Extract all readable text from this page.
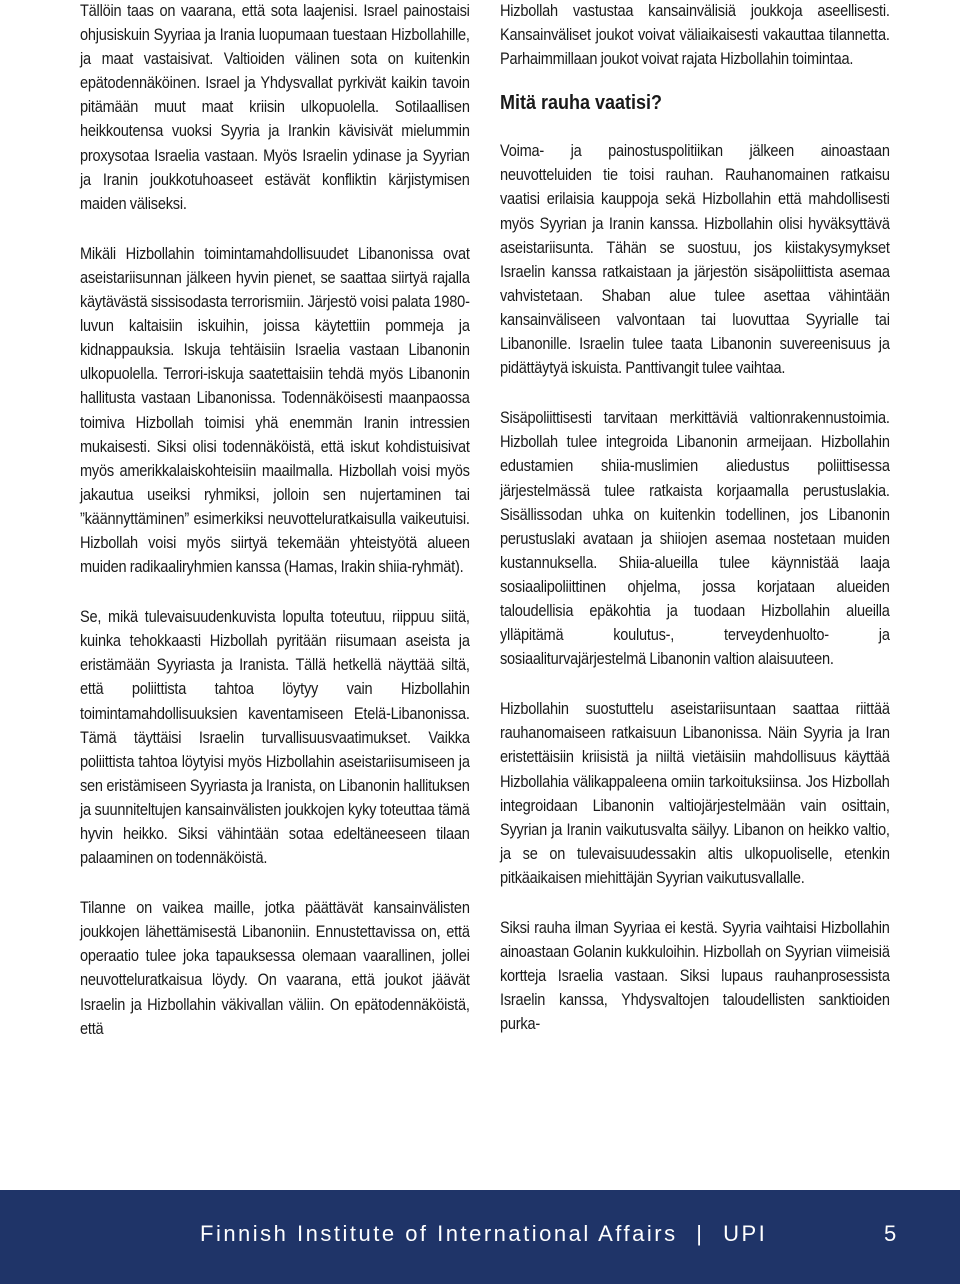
Tällöin taas on vaarana, että sota laajenisi. Israel painostaisi ohjusiskuin Syyriaa ja Irania luopumaan tuestaan Hizbollahille, ja maat vastaisivat. Valtioiden välinen sota on kuitenkin epätodennäköinen. Israel ja Yhdysvallat pyrkivät kaikin tavoin pitämään muut maat kriisin ulkopuolella. Sotilaallisen heikkoutensa vuoksi Syyria ja Irankin kävisivät mielummin proxysotaa Israelia vastaan. Myös Israelin ydinase ja Syyrian ja Iranin joukkotuhoaseet estävät konfliktin kärjistymisen maiden väliseksi.

Mikäli Hizbollahin toimintamahdollisuudet Libanonissa ovat aseistariisunnan jälkeen hyvin pienet, se saattaa siirtyä rajalla käytävästä sissisodasta terrorismiin. Järjestö voisi palata 1980-luvun kaltaisiin iskuihin, joissa käytettiin pommeja ja kidnappauksia. Iskuja tehtäisiin Israelia vastaan Libanonin ulkopuolella. Terrori-iskuja saatettaisiin tehdä myös Libanonin hallitusta vastaan Libanonissa. Todennäköisesti maanpaossa toimiva Hizbollah toimisi yhä enemmän Iranin intressien mukaisesti. Siksi olisi todennäköistä, että iskut kohdistuisivat myös amerikkalaiskohteisiin maailmalla. Hizbollah voisi myös jakautua useiksi ryhmiksi, jolloin sen nujertaminen tai ”käännyttäminen” esimerkiksi neuvotteluratkaisulla vaikeutuisi. Hizbollah voisi myös siirtyä tekemään yhteistyötä alueen muiden radikaaliryhmien kanssa (Hamas, Irakin shiia-ryhmät).

Se, mikä tulevaisuudenkuvista lopulta toteutuu, riippuu siitä, kuinka tehokkaasti Hizbollah pyritään riisumaan aseista ja eristämään Syyriasta ja Iranista. Tällä hetkellä näyttää siltä, että poliittista tahtoa löytyy vain Hizbollahin toimintamahdollisuuksien kaventamiseen Etelä-Libanonissa. Tämä täyttäisi Israelin turvallisuusvaatimukset. Vaikka poliittista tahtoa löytyisi myös Hizbollahin aseistariisumiseen ja sen eristämiseen Syyriasta ja Iranista, on Libanonin hallituksen ja suunniteltujen kansainvälisten joukkojen kyky toteuttaa tämä hyvin heikko. Siksi vähintään sotaa edeltäneeseen tilaan palaaminen on todennäköistä.

Tilanne on vaikea maille, jotka päättävät kansainvälisten joukkojen lähettämisestä Libanoniin. Ennustettavissa on, että operaatio tulee joka tapauksessa olemaan vaarallinen, jollei neuvotteluratkaisua löydy. On vaarana, että joukot jäävät Israelin ja Hizbollahin väkivallan väliin. On epätodennäköistä, että

Hizbollah vastustaa kansainvälisiä joukkoja aseellisesti. Kansainväliset joukot voivat väliaikaisesti vakauttaa tilannetta. Parhaimmillaan joukot voivat rajata Hizbollahin toimintaa.

Mitä rauha vaatisi?

Voima- ja painostuspolitiikan jälkeen ainoastaan neuvotteluiden tie toisi rauhan. Rauhanomainen ratkaisu vaatisi erilaisia kauppoja sekä Hizbollahin että mahdollisesti myös Syyrian ja Iranin kanssa. Hizbollahin olisi hyväksyttävä aseistariisunta. Tähän se suostuu, jos kiistakysymykset Israelin kanssa ratkaistaan ja järjestön sisäpoliittista asemaa vahvistetaan. Shaban alue tulee asettaa vähintään kansainväliseen valvontaan tai luovuttaa Syyrialle tai Libanonille. Israelin tulee taata Libanonin suvereenisuus ja pidättäytyä iskuista. Panttivangit tulee vaihtaa.

Sisäpoliittisesti tarvitaan merkittäviä valtionrakennustoimia. Hizbollah tulee integroida Libanonin armeijaan. Hizbollahin edustamien shiia-muslimien aliedustus poliittisessa järjestelmässä tulee ratkaista korjaamalla perustuslakia. Sisällissodan uhka on kuitenkin todellinen, jos Libanonin perustuslaki avataan ja shiiojen asemaa nostetaan muiden kustannuksella. Shiia-alueilla tulee käynnistää laaja sosiaalipoliittinen ohjelma, jossa korjataan alueiden taloudellisia epäkohtia ja tuodaan Hizbollahin alueilla ylläpitämä koulutus-, terveydenhuolto- ja sosiaaliturvajärjestelmä Libanonin valtion alaisuuteen.

Hizbollahin suostuttelu aseistariisuntaan saattaa riittää rauhanomaiseen ratkaisuun Libanonissa. Näin Syyria ja Iran eristettäisiin kriisistä ja niiltä vietäisiin mahdollisuus käyttää Hizbollahia välikappaleena omiin tarkoituksiinsa. Jos Hizbollah integroidaan Libanonin valtiojärjestelmään vain osittain, Syyrian ja Iranin vaikutusvalta säilyy. Libanon on heikko valtio, ja se on tulevaisuudessakin altis ulkopuoliselle, etenkin pitkäaikaisen miehittäjän Syyrian vaikutusvallalle.

Siksi rauha ilman Syyriaa ei kestä. Syyria vaihtaisi Hizbollahin ainoastaan Golanin kukkuloihin. Hizbollah on Syyrian viimeisiä kortteja Israelia vastaan. Siksi lupaus rauhanprosessista Israelin kanssa, Yhdysvaltojen taloudellisten sanktioiden purka-

Finnish Institute of International Affairs | UPI	5
